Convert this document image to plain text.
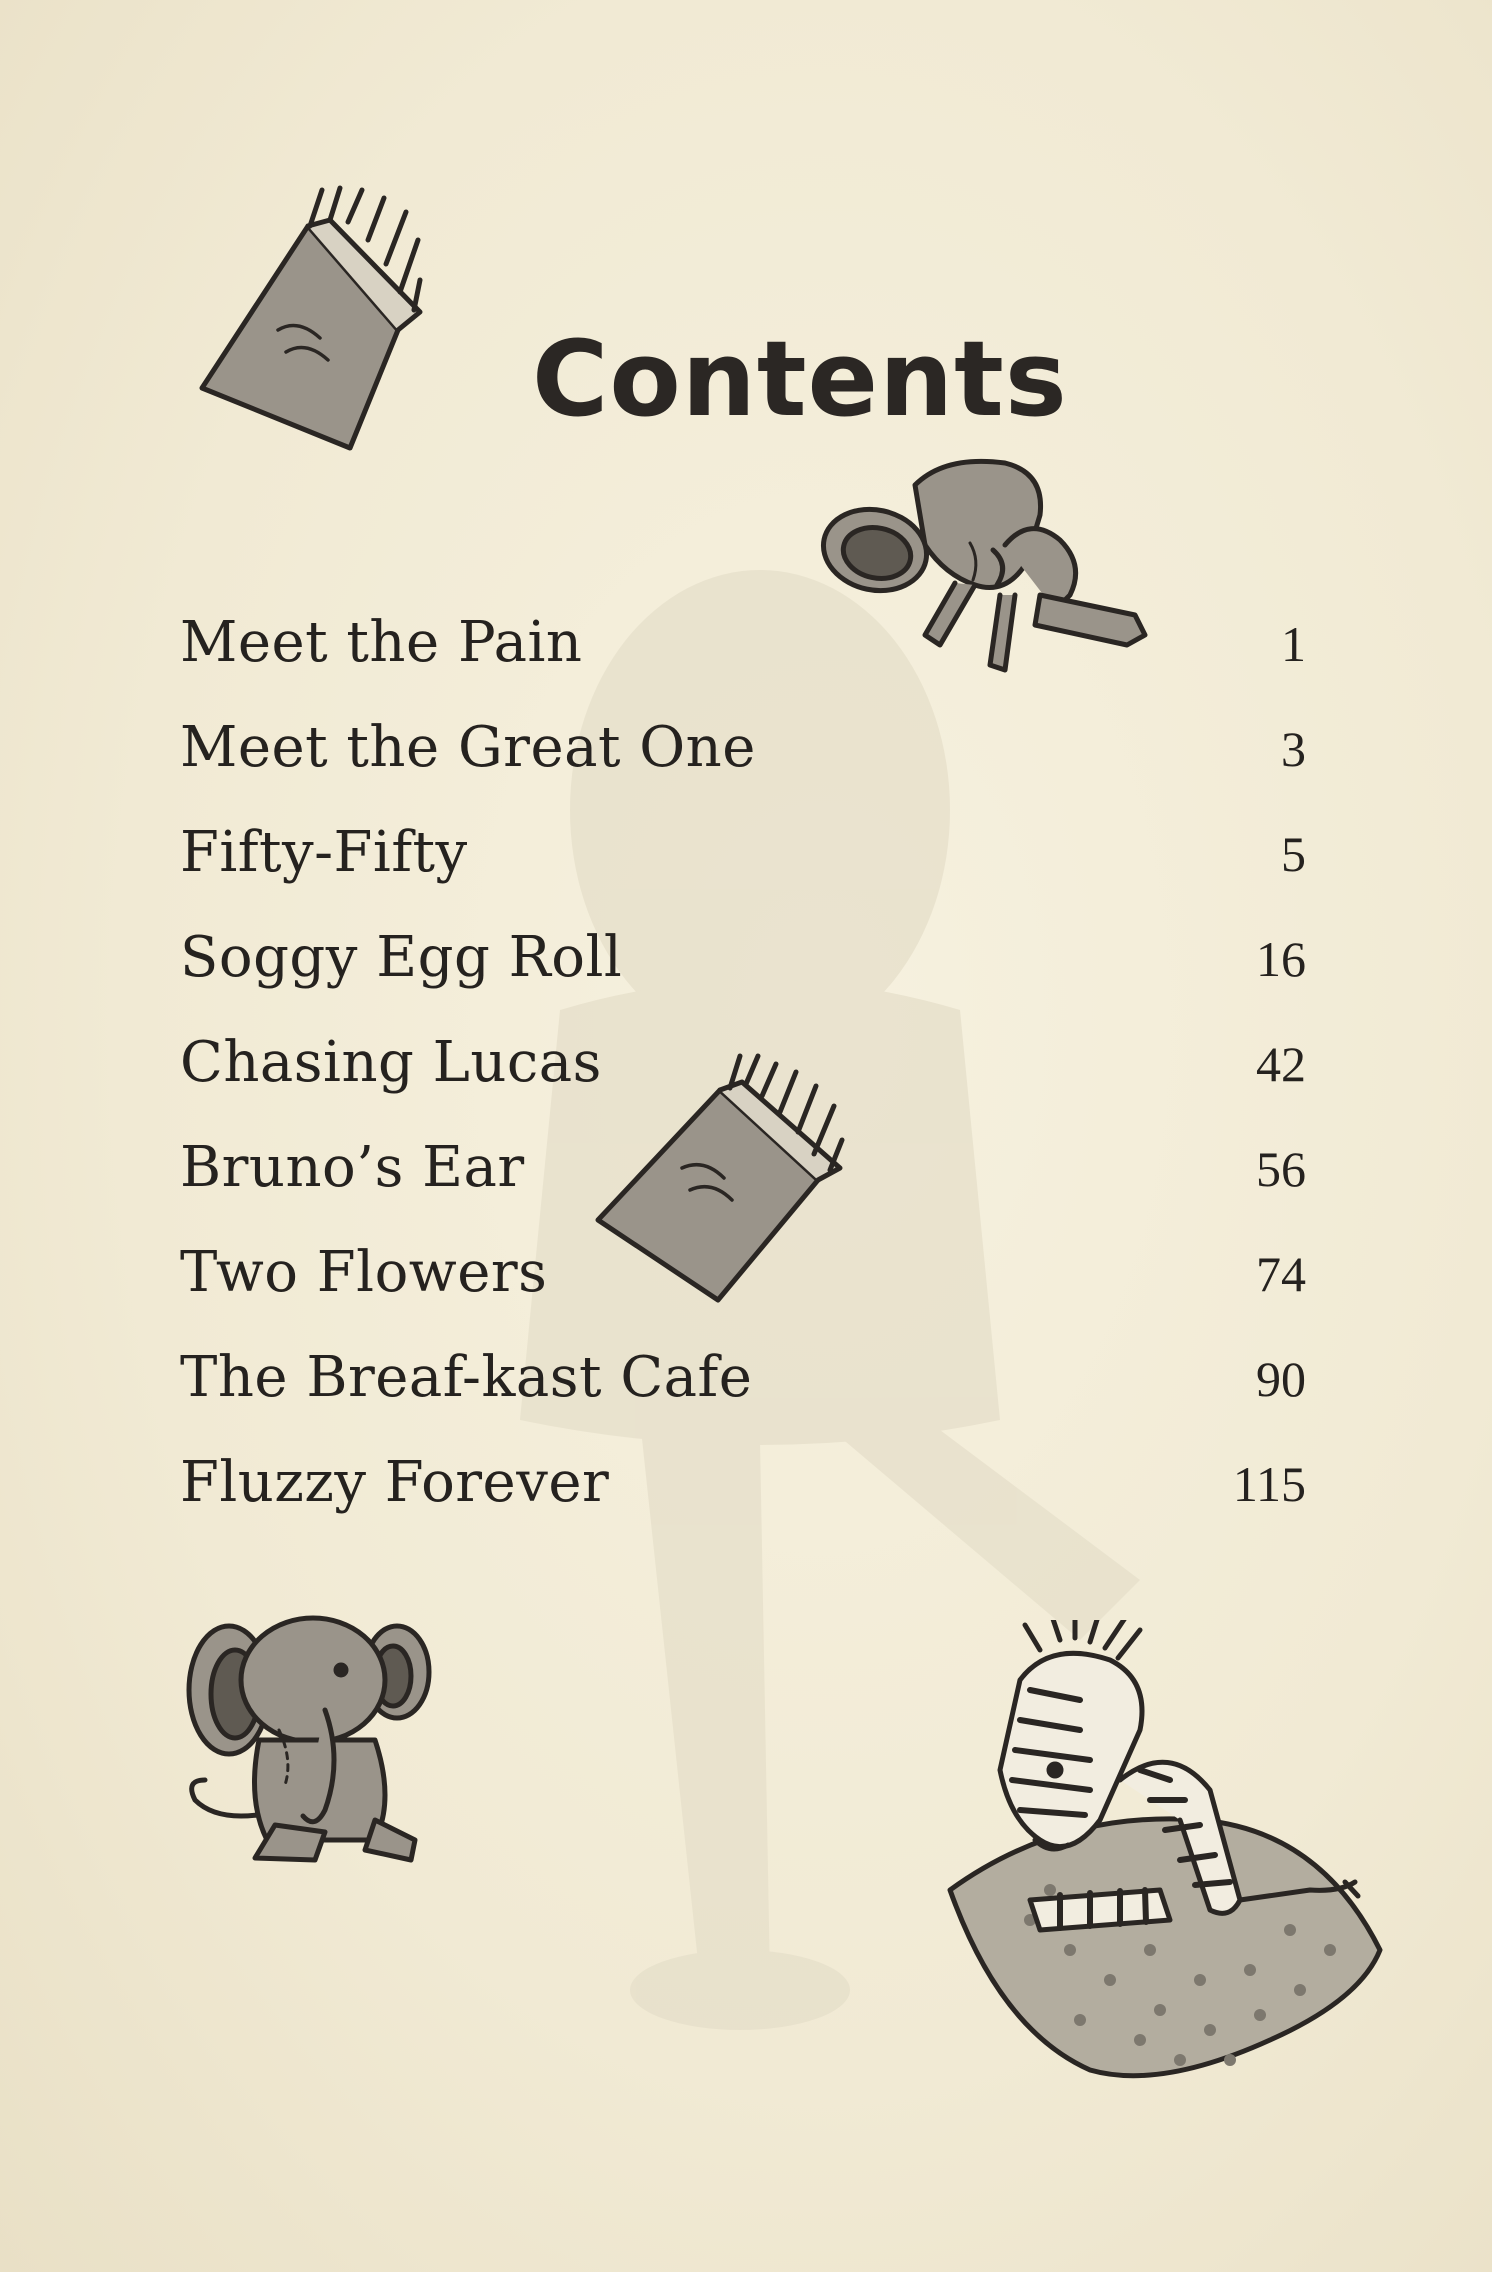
Contents
Meet the Pain	1
Meet the Great One	3
Fifty-Fifty	5
Soggy Egg Roll	16
Chasing Lucas	42
Bruno’s Ear	56
Two Flowers	74
The Breaf-kast Cafe	90
Fluzzy Forever	115
